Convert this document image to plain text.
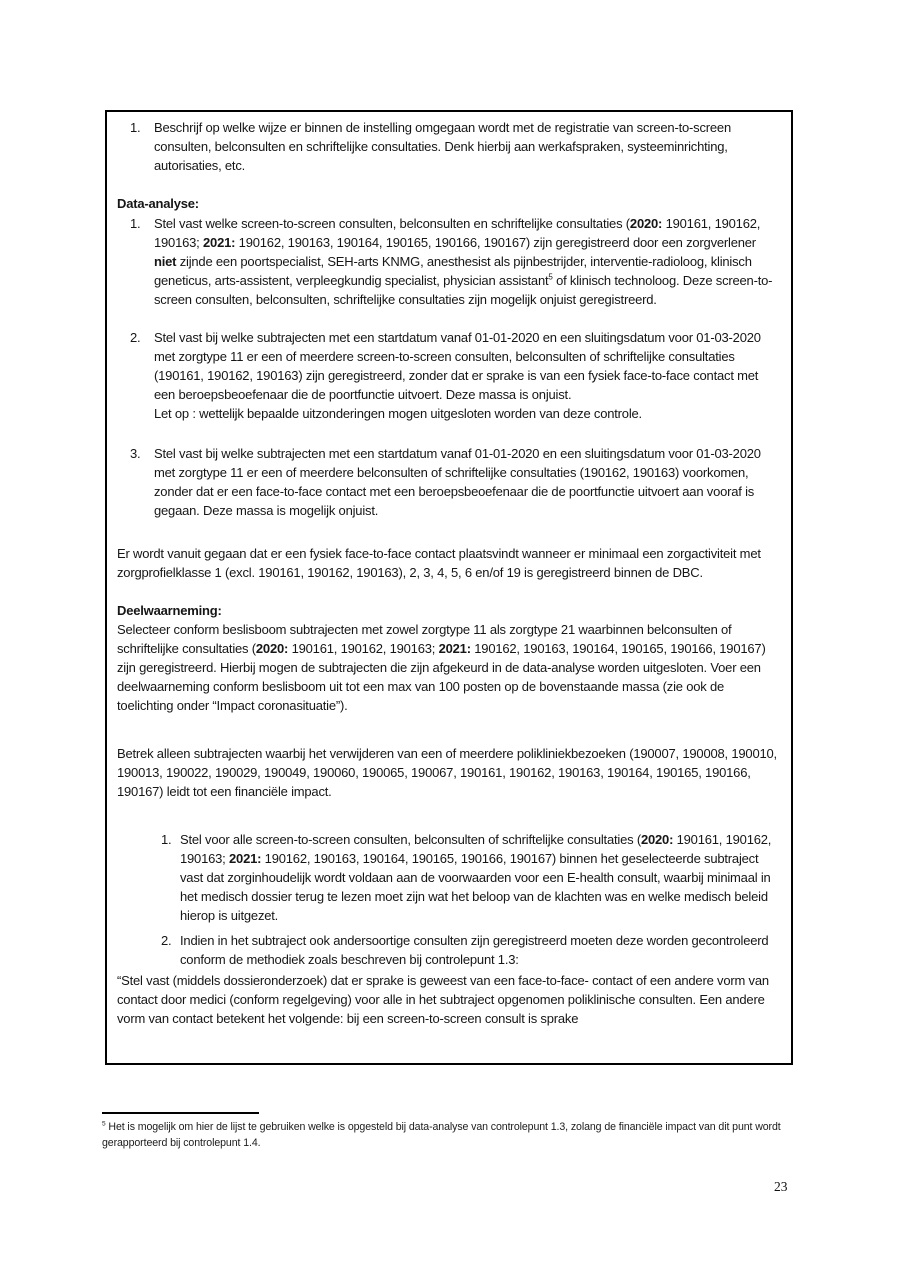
1. Beschrijf op welke wijze er binnen de instelling omgegaan wordt met de registratie van screen-to-screen consulten, belconsulten en schriftelijke consultaties. Denk hierbij aan werkafspraken, systeeminrichting, autorisaties, etc.
Data-analyse:
1. Stel vast welke screen-to-screen consulten, belconsulten en schriftelijke consultaties (2020: 190161, 190162, 190163; 2021: 190162, 190163, 190164, 190165, 190166, 190167) zijn geregistreerd door een zorgverlener niet zijnde een poortspecialist, SEH-arts KNMG, anesthesist als pijnbestrijder, interventie-radioloog, klinisch geneticus, arts-assistent, verpleegkundig specialist, physician assistant$^5$ of klinisch technoloog. Deze screen-to-screen consulten, belconsulten, schriftelijke consultaties zijn mogelijk onjuist geregistreerd.
2. Stel vast bij welke subtrajecten met een startdatum vanaf 01-01-2020 en een sluitingsdatum voor 01-03-2020 met zorgtype 11 er een of meerdere screen-to-screen consulten, belconsulten of schriftelijke consultaties (190161, 190162, 190163) zijn geregistreerd, zonder dat er sprake is van een fysiek face-to-face contact met een beroepsbeoefenaar die de poortfunctie uitvoert. Deze massa is onjuist.
Let op : wettelijk bepaalde uitzonderingen mogen uitgesloten worden van deze controle.
3. Stel vast bij welke subtrajecten met een startdatum vanaf 01-01-2020 en een sluitingsdatum voor 01-03-2020 met zorgtype 11 er een of meerdere belconsulten of schriftelijke consultaties (190162, 190163) voorkomen, zonder dat er een face-to-face contact met een beroepsbeoefenaar die de poortfunctie uitvoert aan vooraf is gegaan. Deze massa is mogelijk onjuist.
Er wordt vanuit gegaan dat er een fysiek face-to-face contact plaatsvindt wanneer er minimaal een zorgactiviteit met zorgprofielklasse 1 (excl. 190161, 190162, 190163), 2, 3, 4, 5, 6 en/of 19 is geregistreerd binnen de DBC.
Deelwaarneming:
Selecteer conform beslisboom subtrajecten met zowel zorgtype 11 als zorgtype 21 waarbinnen belconsulten of schriftelijke consultaties (2020: 190161, 190162, 190163; 2021: 190162, 190163, 190164, 190165, 190166, 190167) zijn geregistreerd. Hierbij mogen de subtrajecten die zijn afgekeurd in de data-analyse worden uitgesloten. Voer een deelwaarneming conform beslisboom uit tot een max van 100 posten op de bovenstaande massa (zie ook de toelichting onder “Impact coronasituatie”).
Betrek alleen subtrajecten waarbij het verwijderen van een of meerdere polikliniekbezoeken (190007, 190008, 190010, 190013, 190022, 190029, 190049, 190060, 190065, 190067, 190161, 190162, 190163, 190164, 190165, 190166, 190167) leidt tot een financiële impact.
1. Stel voor alle screen-to-screen consulten, belconsulten of schriftelijke consultaties (2020: 190161, 190162, 190163; 2021: 190162, 190163, 190164, 190165, 190166, 190167) binnen het geselecteerde subtraject vast dat zorginhoudelijk wordt voldaan aan de voorwaarden voor een E-health consult, waarbij minimaal in het medisch dossier terug te lezen moet zijn wat het beloop van de klachten was en welke medisch beleid hierop is uitgezet.
2. Indien in het subtraject ook andersoortige consulten zijn geregistreerd moeten deze worden gecontroleerd conform de methodiek zoals beschreven bij controlepunt 1.3:
“Stel vast (middels dossieronderzoek) dat er sprake is geweest van een face-to-face- contact of een andere vorm van contact door medici (conform regelgeving) voor alle in het subtraject opgenomen poliklinische consulten. Een andere vorm van contact betekent het volgende: bij een screen-to-screen consult is sprake
$^5$ Het is mogelijk om hier de lijst te gebruiken welke is opgesteld bij data-analyse van controlepunt 1.3, zolang de financiële impact van dit punt wordt gerapporteerd bij controlepunt 1.4.
23
